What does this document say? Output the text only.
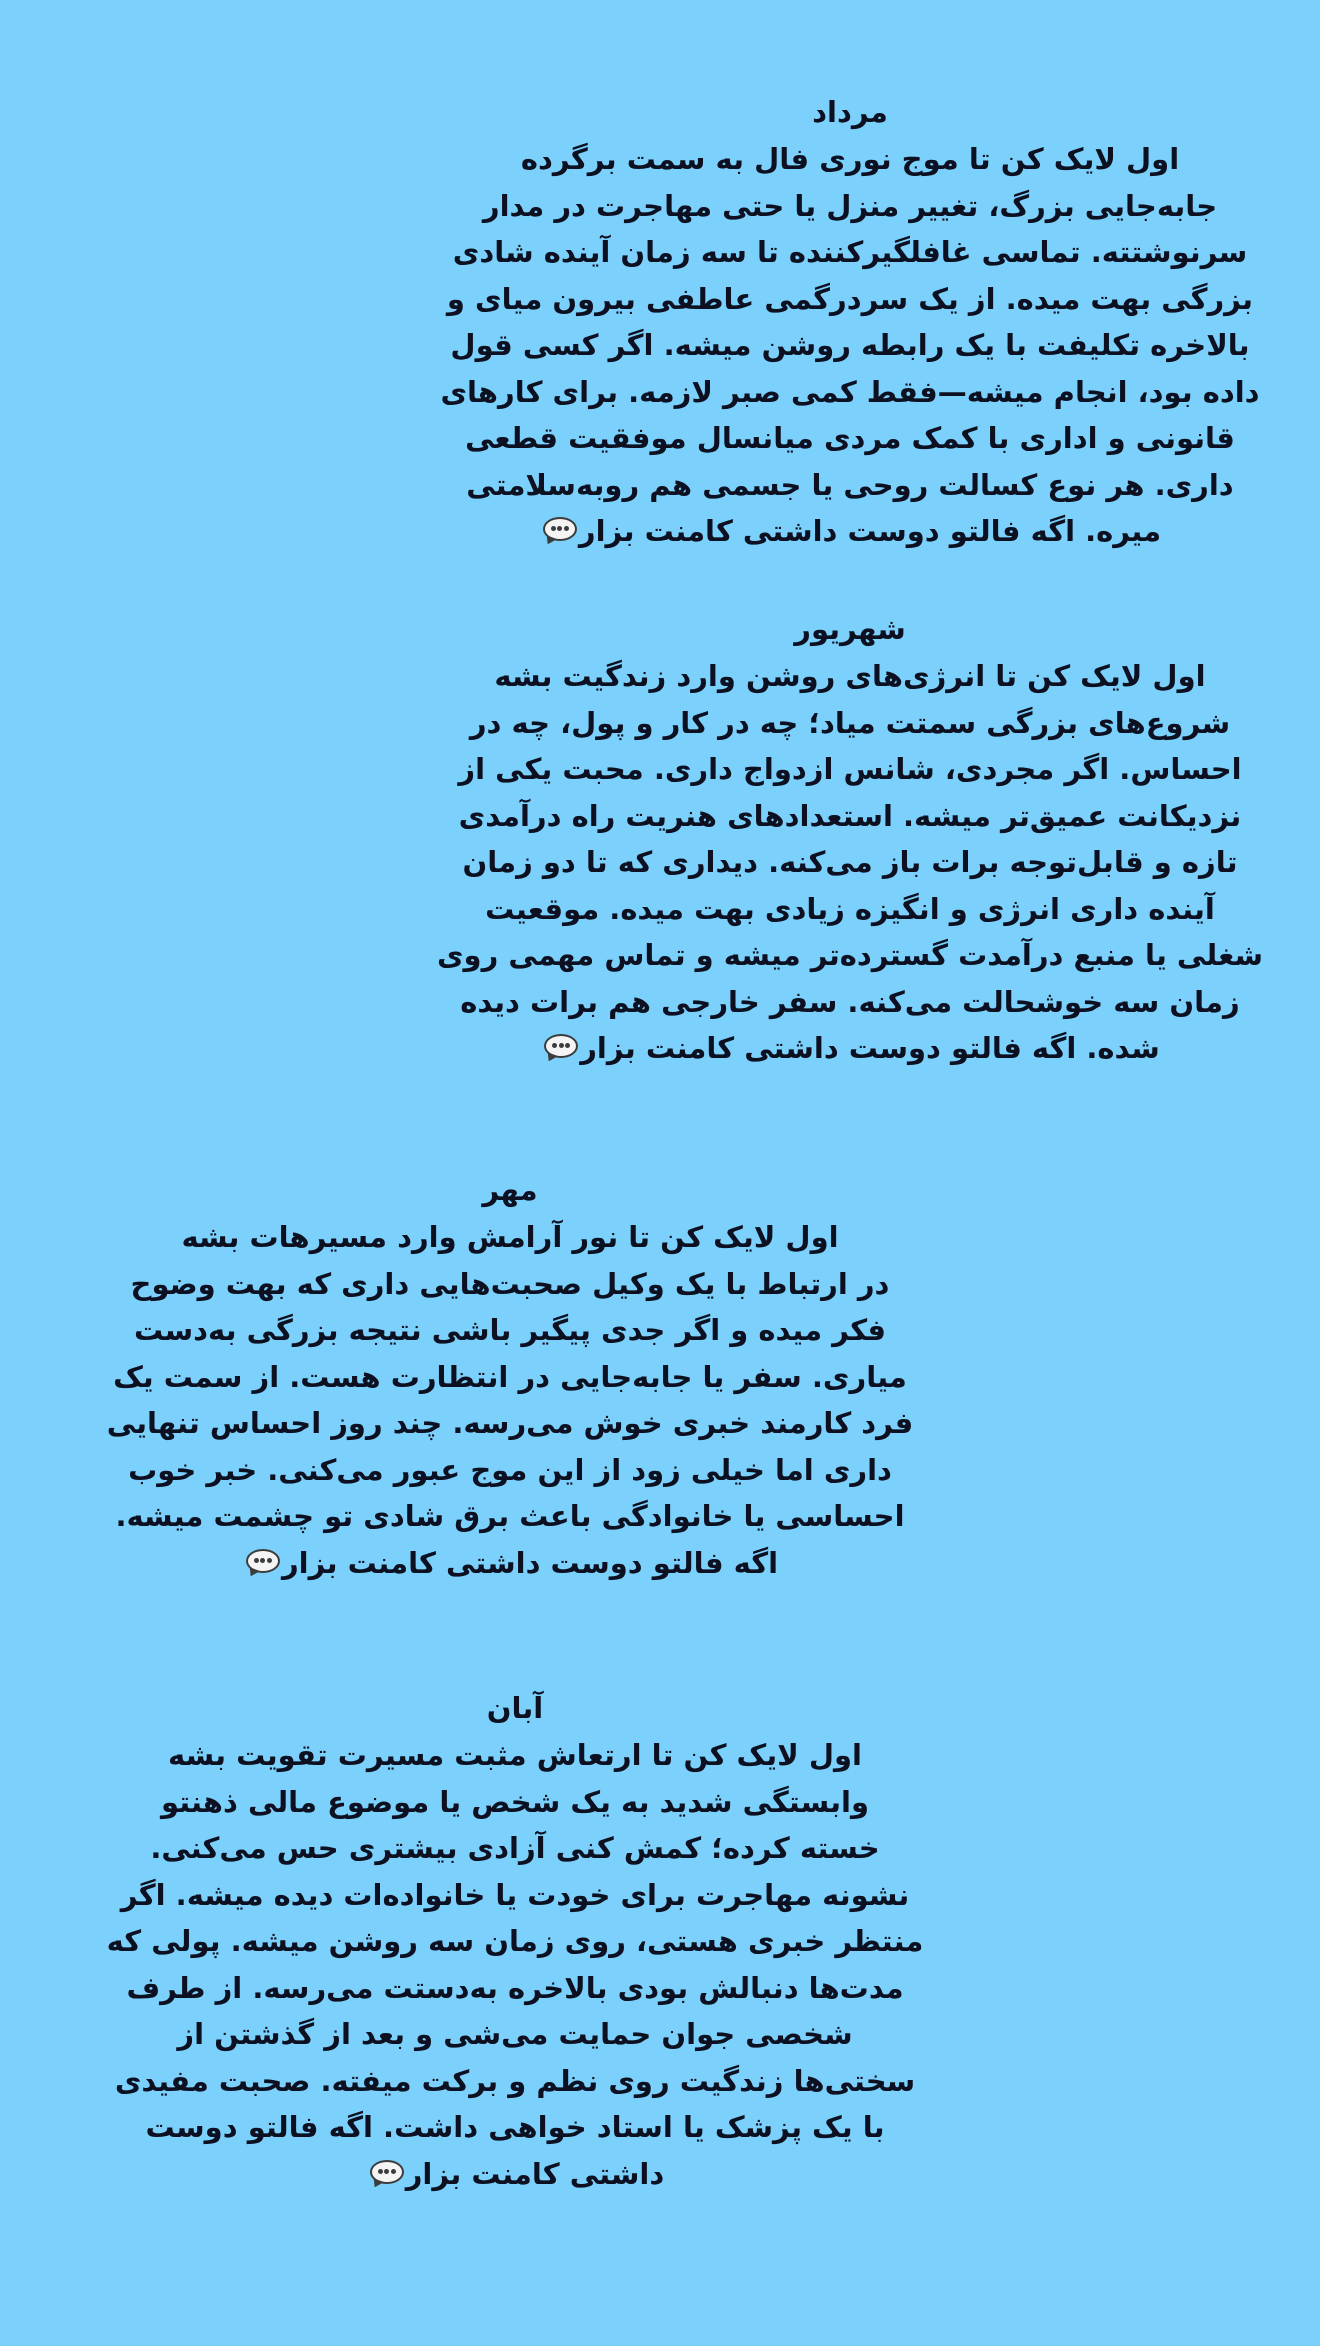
مرداد
اول لایک کن تا موج نوری فال به سمت برگرده
جابه‌جایی بزرگ، تغییر منزل یا حتی مهاجرت در مدار
سرنوشتته. تماسی غافلگیرکننده تا سه زمان آینده شادی
بزرگی بهت میده. از یک سردرگمی عاطفی بیرون میای و
بالاخره تکلیفت با یک رابطه روشن میشه. اگر کسی قول
داده بود، انجام میشه—فقط کمی صبر لازمه. برای کارهای
قانونی و اداری با کمک مردی میانسال موفقیت قطعی
داری. هر نوع کسالت روحی یا جسمی هم روبه‌سلامتی
میره. اگه فالتو دوست داشتی کامنت بزار
شهریور
اول لایک کن تا انرژی‌های روشن وارد زندگیت بشه
شروع‌های بزرگی سمتت میاد؛ چه در کار و پول، چه در
احساس. اگر مجردی، شانس ازدواج داری. محبت یکی از
نزدیکانت عمیق‌تر میشه. استعدادهای هنریت راه درآمدی
تازه و قابل‌توجه برات باز می‌کنه. دیداری که تا دو زمان
آینده داری انرژی و انگیزه زیادی بهت میده. موقعیت
شغلی یا منبع درآمدت گسترده‌تر میشه و تماس مهمی روی
زمان سه خوشحالت می‌کنه. سفر خارجی هم برات دیده
شده. اگه فالتو دوست داشتی کامنت بزار
مهر
اول لایک کن تا نور آرامش وارد مسیرهات بشه
در ارتباط با یک وکیل صحبت‌هایی داری که بهت وضوح
فکر میده و اگر جدی پیگیر باشی نتیجه بزرگی به‌دست
میاری. سفر یا جابه‌جایی در انتظارت هست. از سمت یک
فرد کارمند خبری خوش می‌رسه. چند روز احساس تنهایی
داری اما خیلی زود از این موج عبور می‌کنی. خبر خوب
احساسی یا خانوادگی باعث برق شادی تو چشمت میشه.
اگه فالتو دوست داشتی کامنت بزار
آبان
اول لایک کن تا ارتعاش مثبت مسیرت تقویت بشه
وابستگی شدید به یک شخص یا موضوع مالی ذهنتو
خسته کرده؛ کمش کنی آزادی بیشتری حس می‌کنی.
نشونه مهاجرت برای خودت یا خانواده‌ات دیده میشه. اگر
منتظر خبری هستی، روی زمان سه روشن میشه. پولی که
مدت‌ها دنبالش بودی بالاخره به‌دستت می‌رسه. از طرف
شخصی جوان حمایت می‌شی و بعد از گذشتن از
سختی‌ها زندگیت روی نظم و برکت میفته. صحبت مفیدی
با یک پزشک یا استاد خواهی داشت. اگه فالتو دوست
داشتی کامنت بزار
